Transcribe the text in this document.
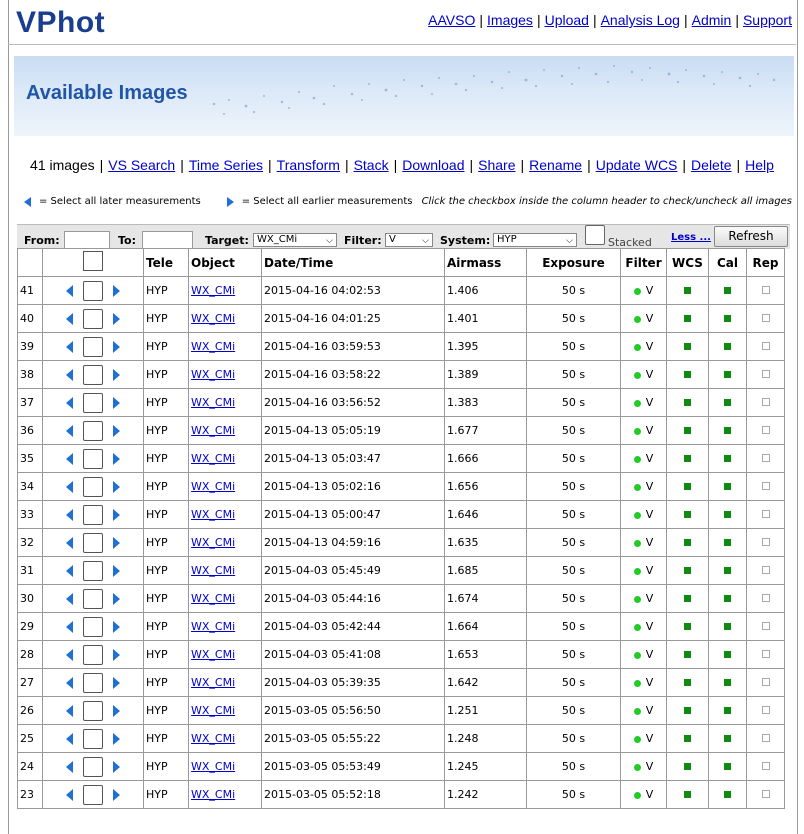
VPhot	AAVSO | Images | Upload | Analysis Log | Admin | Support
Available Images
41 images | VS Search | Time Series | Transform | Stack | Download | Share | Rename | Update WCS | Delete | Help
= Select all later measurements	= Select all earlier measurements Click the checkbox inside the column header to check/uncheck all images
From:	To:	Target: WX_CMi	⌵ Filter: V	⌵ System: HYP	⌵	Stacked Less ...	Refresh
		Tele	Object	Date/Time	Airmass	Exposure	Filter	WCS	Cal	Rep
41		HYP	WX_CMi	2015-04-16 04:02:53	1.406	50 s	V			
40		HYP	WX_CMi	2015-04-16 04:01:25	1.401	50 s	V			
39		HYP	WX_CMi	2015-04-16 03:59:53	1.395	50 s	V			
38		HYP	WX_CMi	2015-04-16 03:58:22	1.389	50 s	V			
37		HYP	WX_CMi	2015-04-16 03:56:52	1.383	50 s	V			
36		HYP	WX_CMi	2015-04-13 05:05:19	1.677	50 s	V			
35		HYP	WX_CMi	2015-04-13 05:03:47	1.666	50 s	V			
34		HYP	WX_CMi	2015-04-13 05:02:16	1.656	50 s	V			
33		HYP	WX_CMi	2015-04-13 05:00:47	1.646	50 s	V			
32		HYP	WX_CMi	2015-04-13 04:59:16	1.635	50 s	V			
31		HYP	WX_CMi	2015-04-03 05:45:49	1.685	50 s	V			
30		HYP	WX_CMi	2015-04-03 05:44:16	1.674	50 s	V			
29		HYP	WX_CMi	2015-04-03 05:42:44	1.664	50 s	V			
28		HYP	WX_CMi	2015-04-03 05:41:08	1.653	50 s	V			
27		HYP	WX_CMi	2015-04-03 05:39:35	1.642	50 s	V			
26		HYP	WX_CMi	2015-03-05 05:56:50	1.251	50 s	V			
25		HYP	WX_CMi	2015-03-05 05:55:22	1.248	50 s	V			
24		HYP	WX_CMi	2015-03-05 05:53:49	1.245	50 s	V			
23		HYP	WX_CMi	2015-03-05 05:52:18	1.242	50 s	V			
